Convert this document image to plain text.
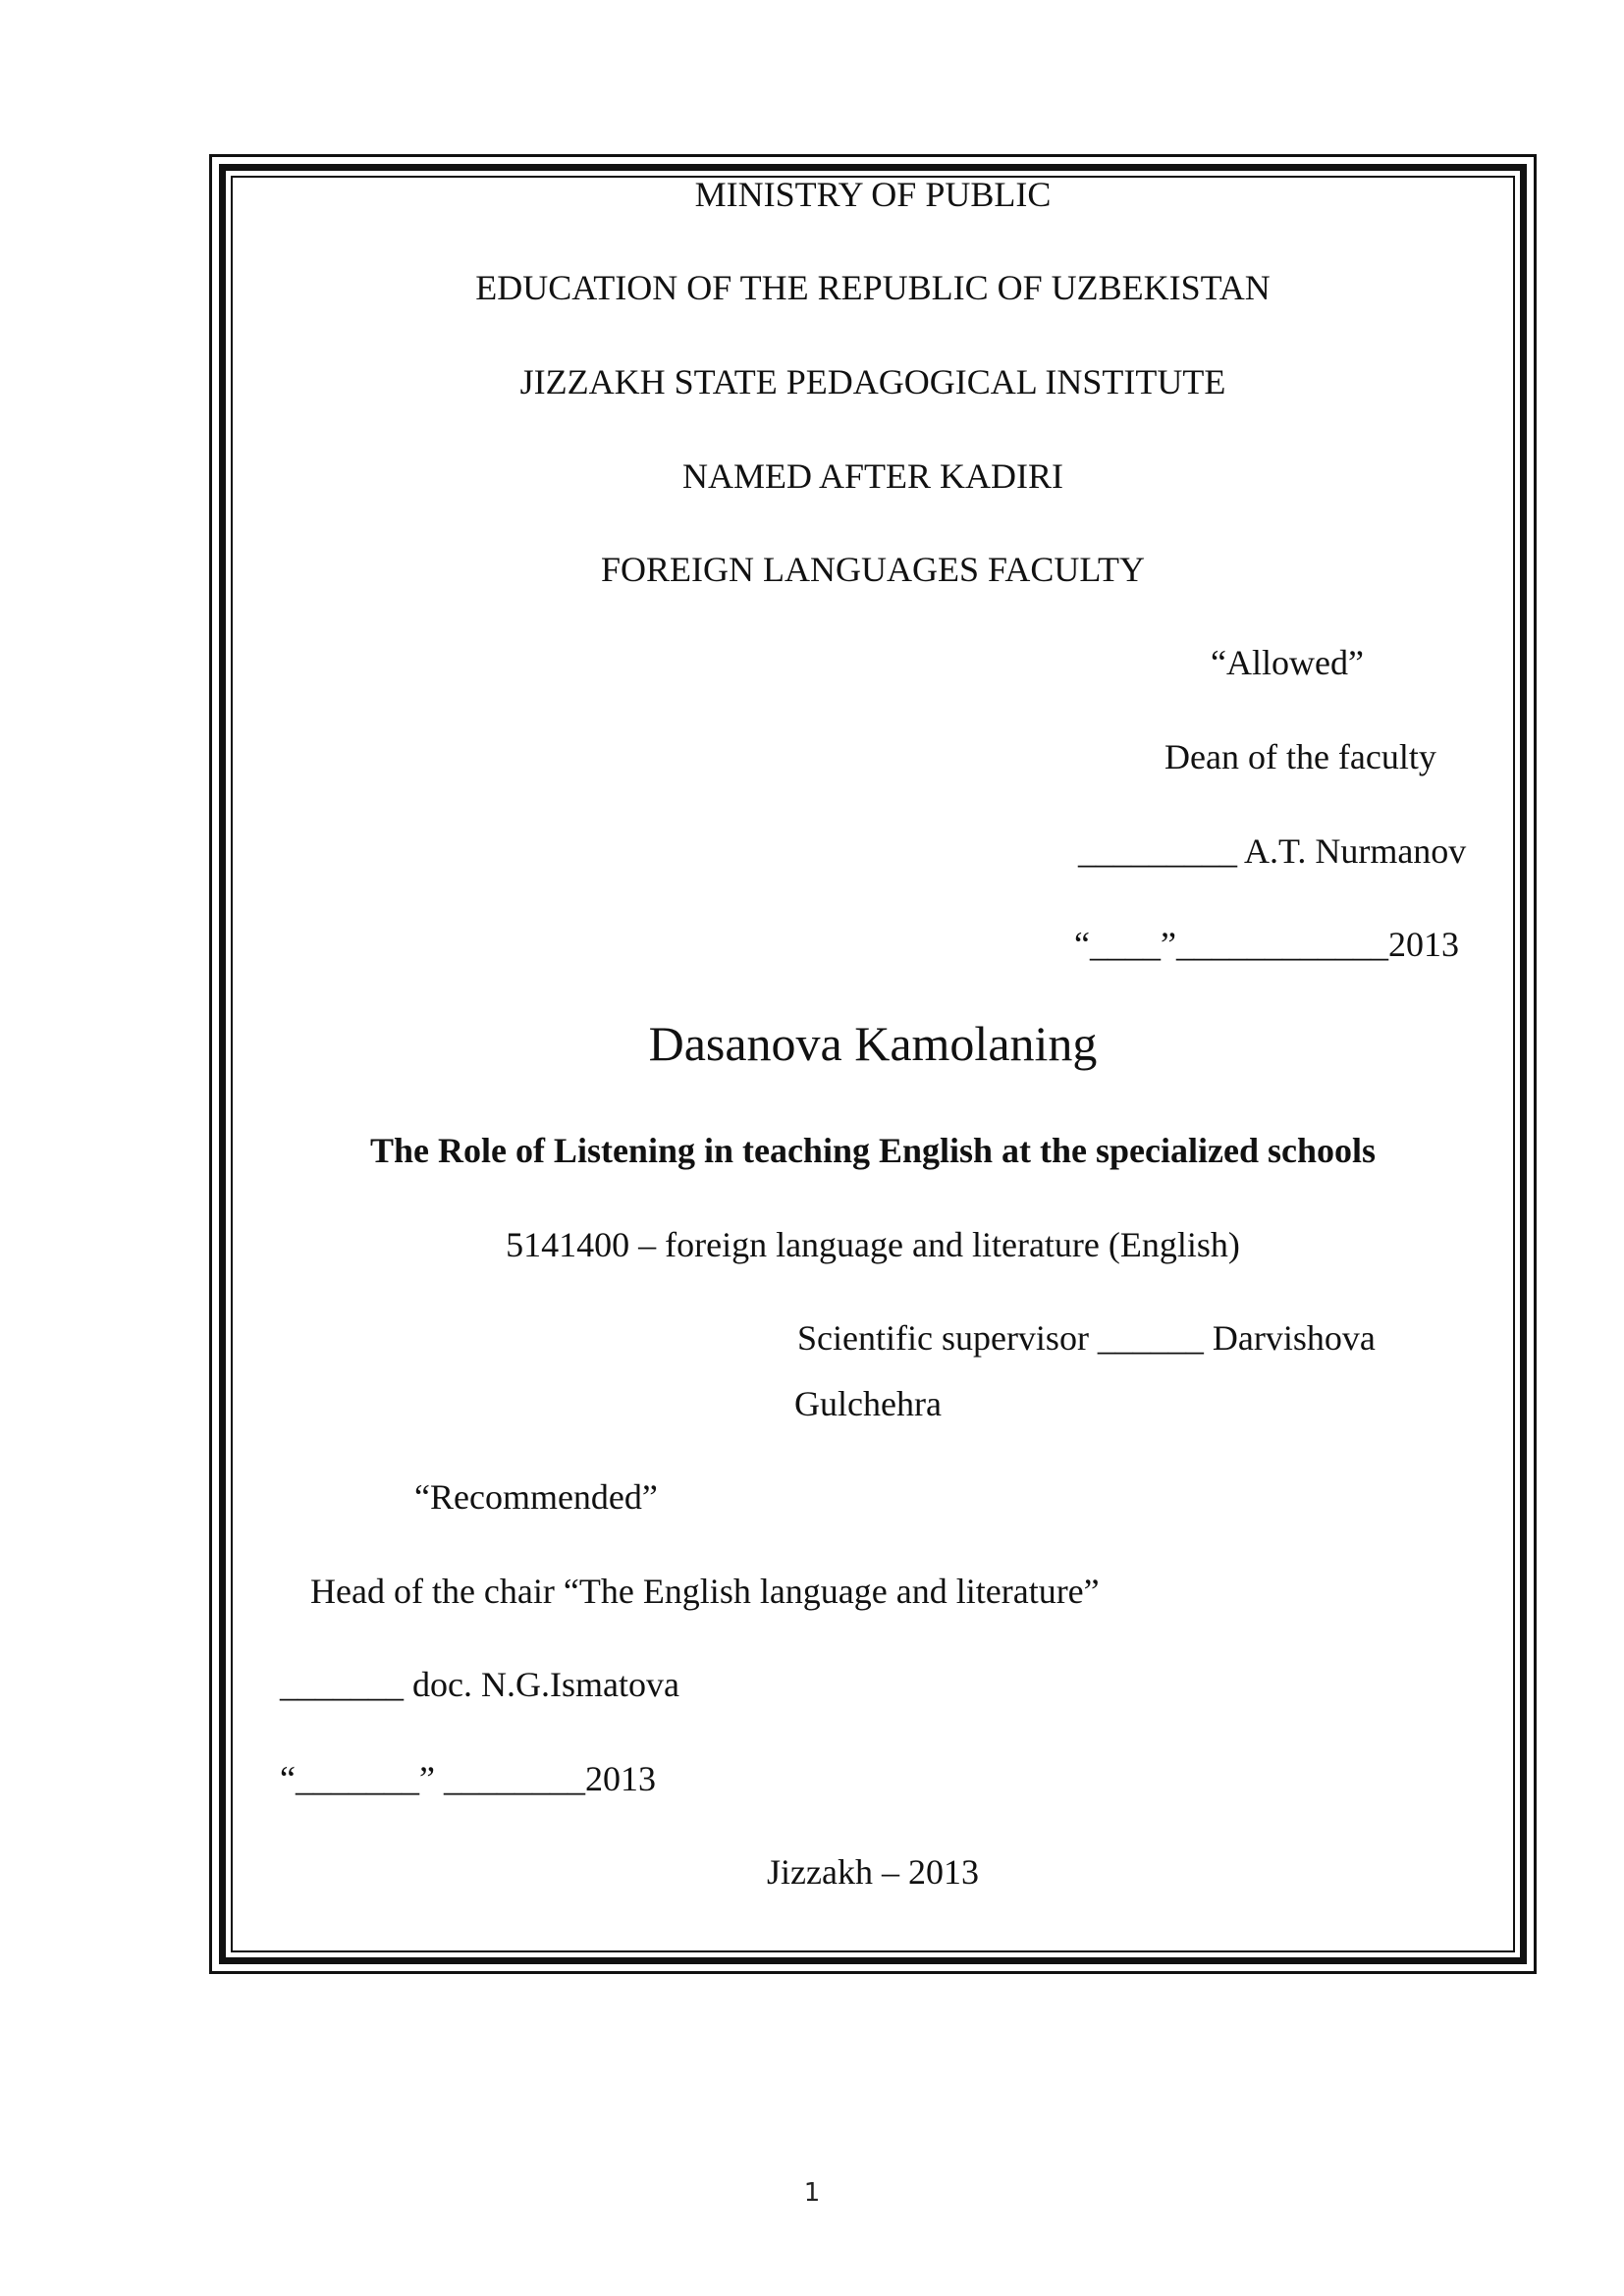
MINISTRY OF PUBLIC
EDUCATION OF THE REPUBLIC OF UZBEKISTAN
JIZZAKH STATE PEDAGOGICAL INSTITUTE
NAMED AFTER KADIRI
FOREIGN LANGUAGES FACULTY
“Allowed”
Dean of the faculty
_________ A.T. Nurmanov
“____”____________2013
Dasanova Kamolaning
The Role of Listening in teaching English at the specialized schools
5141400 – foreign language and literature (English)
Scientific supervisor ______ Darvishova
Gulchehra
“Recommended”
Head of the chair “The English language and literature”
_______ doc. N.G.Ismatova
“_______” ________2013
Jizzakh – 2013
1
